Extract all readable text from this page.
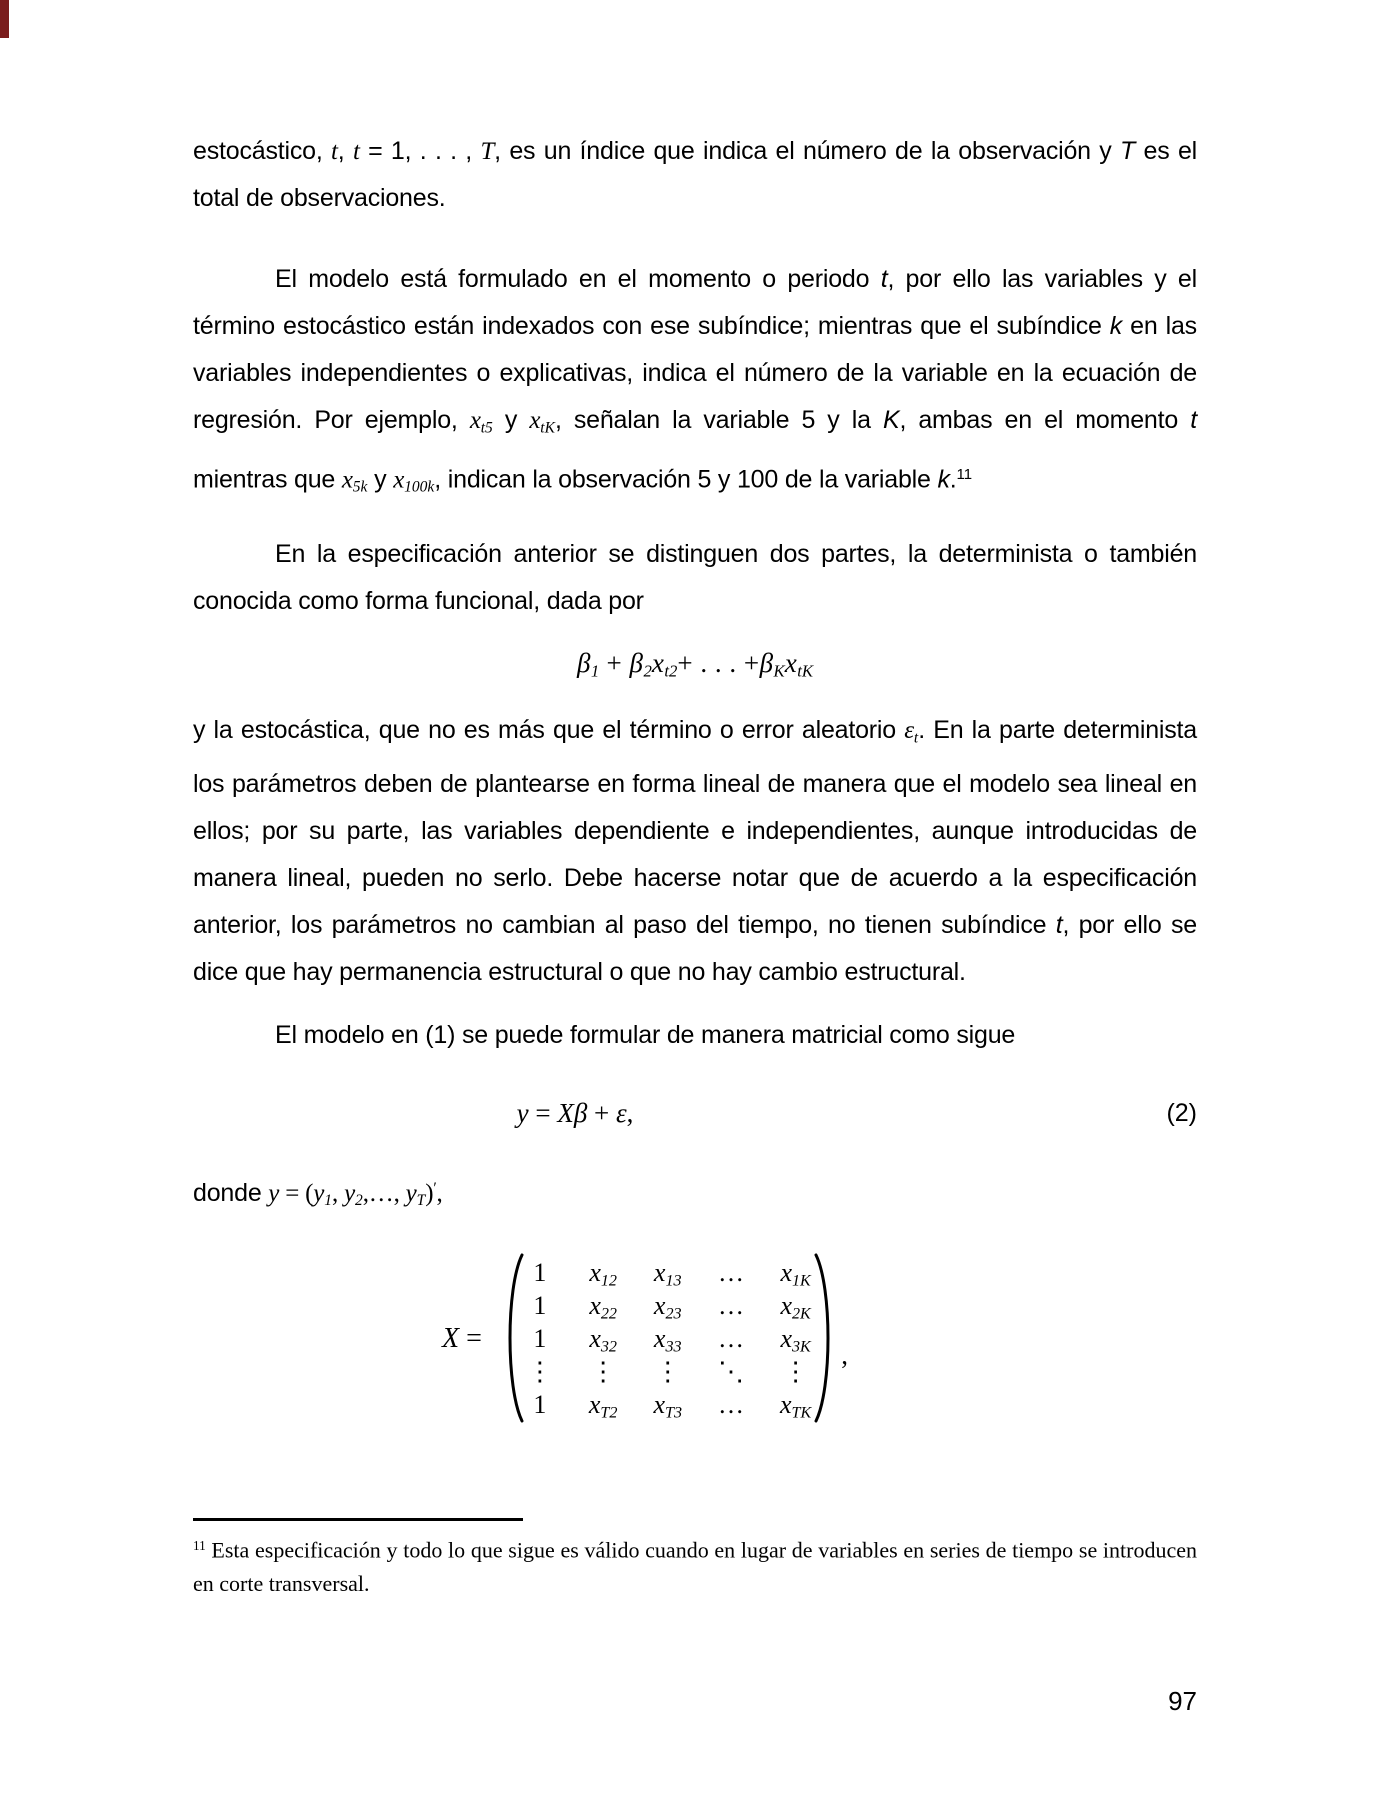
estocástico, t, t = 1, . . . , T, es un índice que indica el número de la observación y T es el total de observaciones.

El modelo está formulado en el momento o periodo t, por ello las variables y el término estocástico están indexados con ese subíndice; mientras que el subíndice k en las variables independientes o explicativas, indica el número de la variable en la ecuación de regresión. Por ejemplo, xt5 y xtK, señalan la variable 5 y la K, ambas en el momento t mientras que x5k y x100k, indican la observación 5 y 100 de la variable k.$^{11}$

En la especificación anterior se distinguen dos partes, la determinista o también conocida como forma funcional, dada por

β1 + β2xt2+ . . . +βKxtK

y la estocástica, que no es más que el término o error aleatorio εt. En la parte determinista los parámetros deben de plantearse en forma lineal de manera que el modelo sea lineal en ellos; por su parte, las variables dependiente e independientes, aunque introducidas de manera lineal, pueden no serlo. Debe hacerse notar que de acuerdo a la especificación anterior, los parámetros no cambian al paso del tiempo, no tienen subíndice t, por ello se dice que hay permanencia estructural o que no hay cambio estructural.

El modelo en (1) se puede formular de manera matricial como sigue

y = Xβ + ε,	(2)

donde y = (y1, y2,…, yT)′,

X =
1 x12 x13 … x1K
1 x22 x23 … x2K
1 x32 x33 … x3K
⋮ ⋮ ⋮ ⋱ ⋮
1 xT2 xT3 … xTK
,
$^{11}$ Esta especificación y todo lo que sigue es válido cuando en lugar de variables en series de tiempo se introducen en corte transversal.
97
